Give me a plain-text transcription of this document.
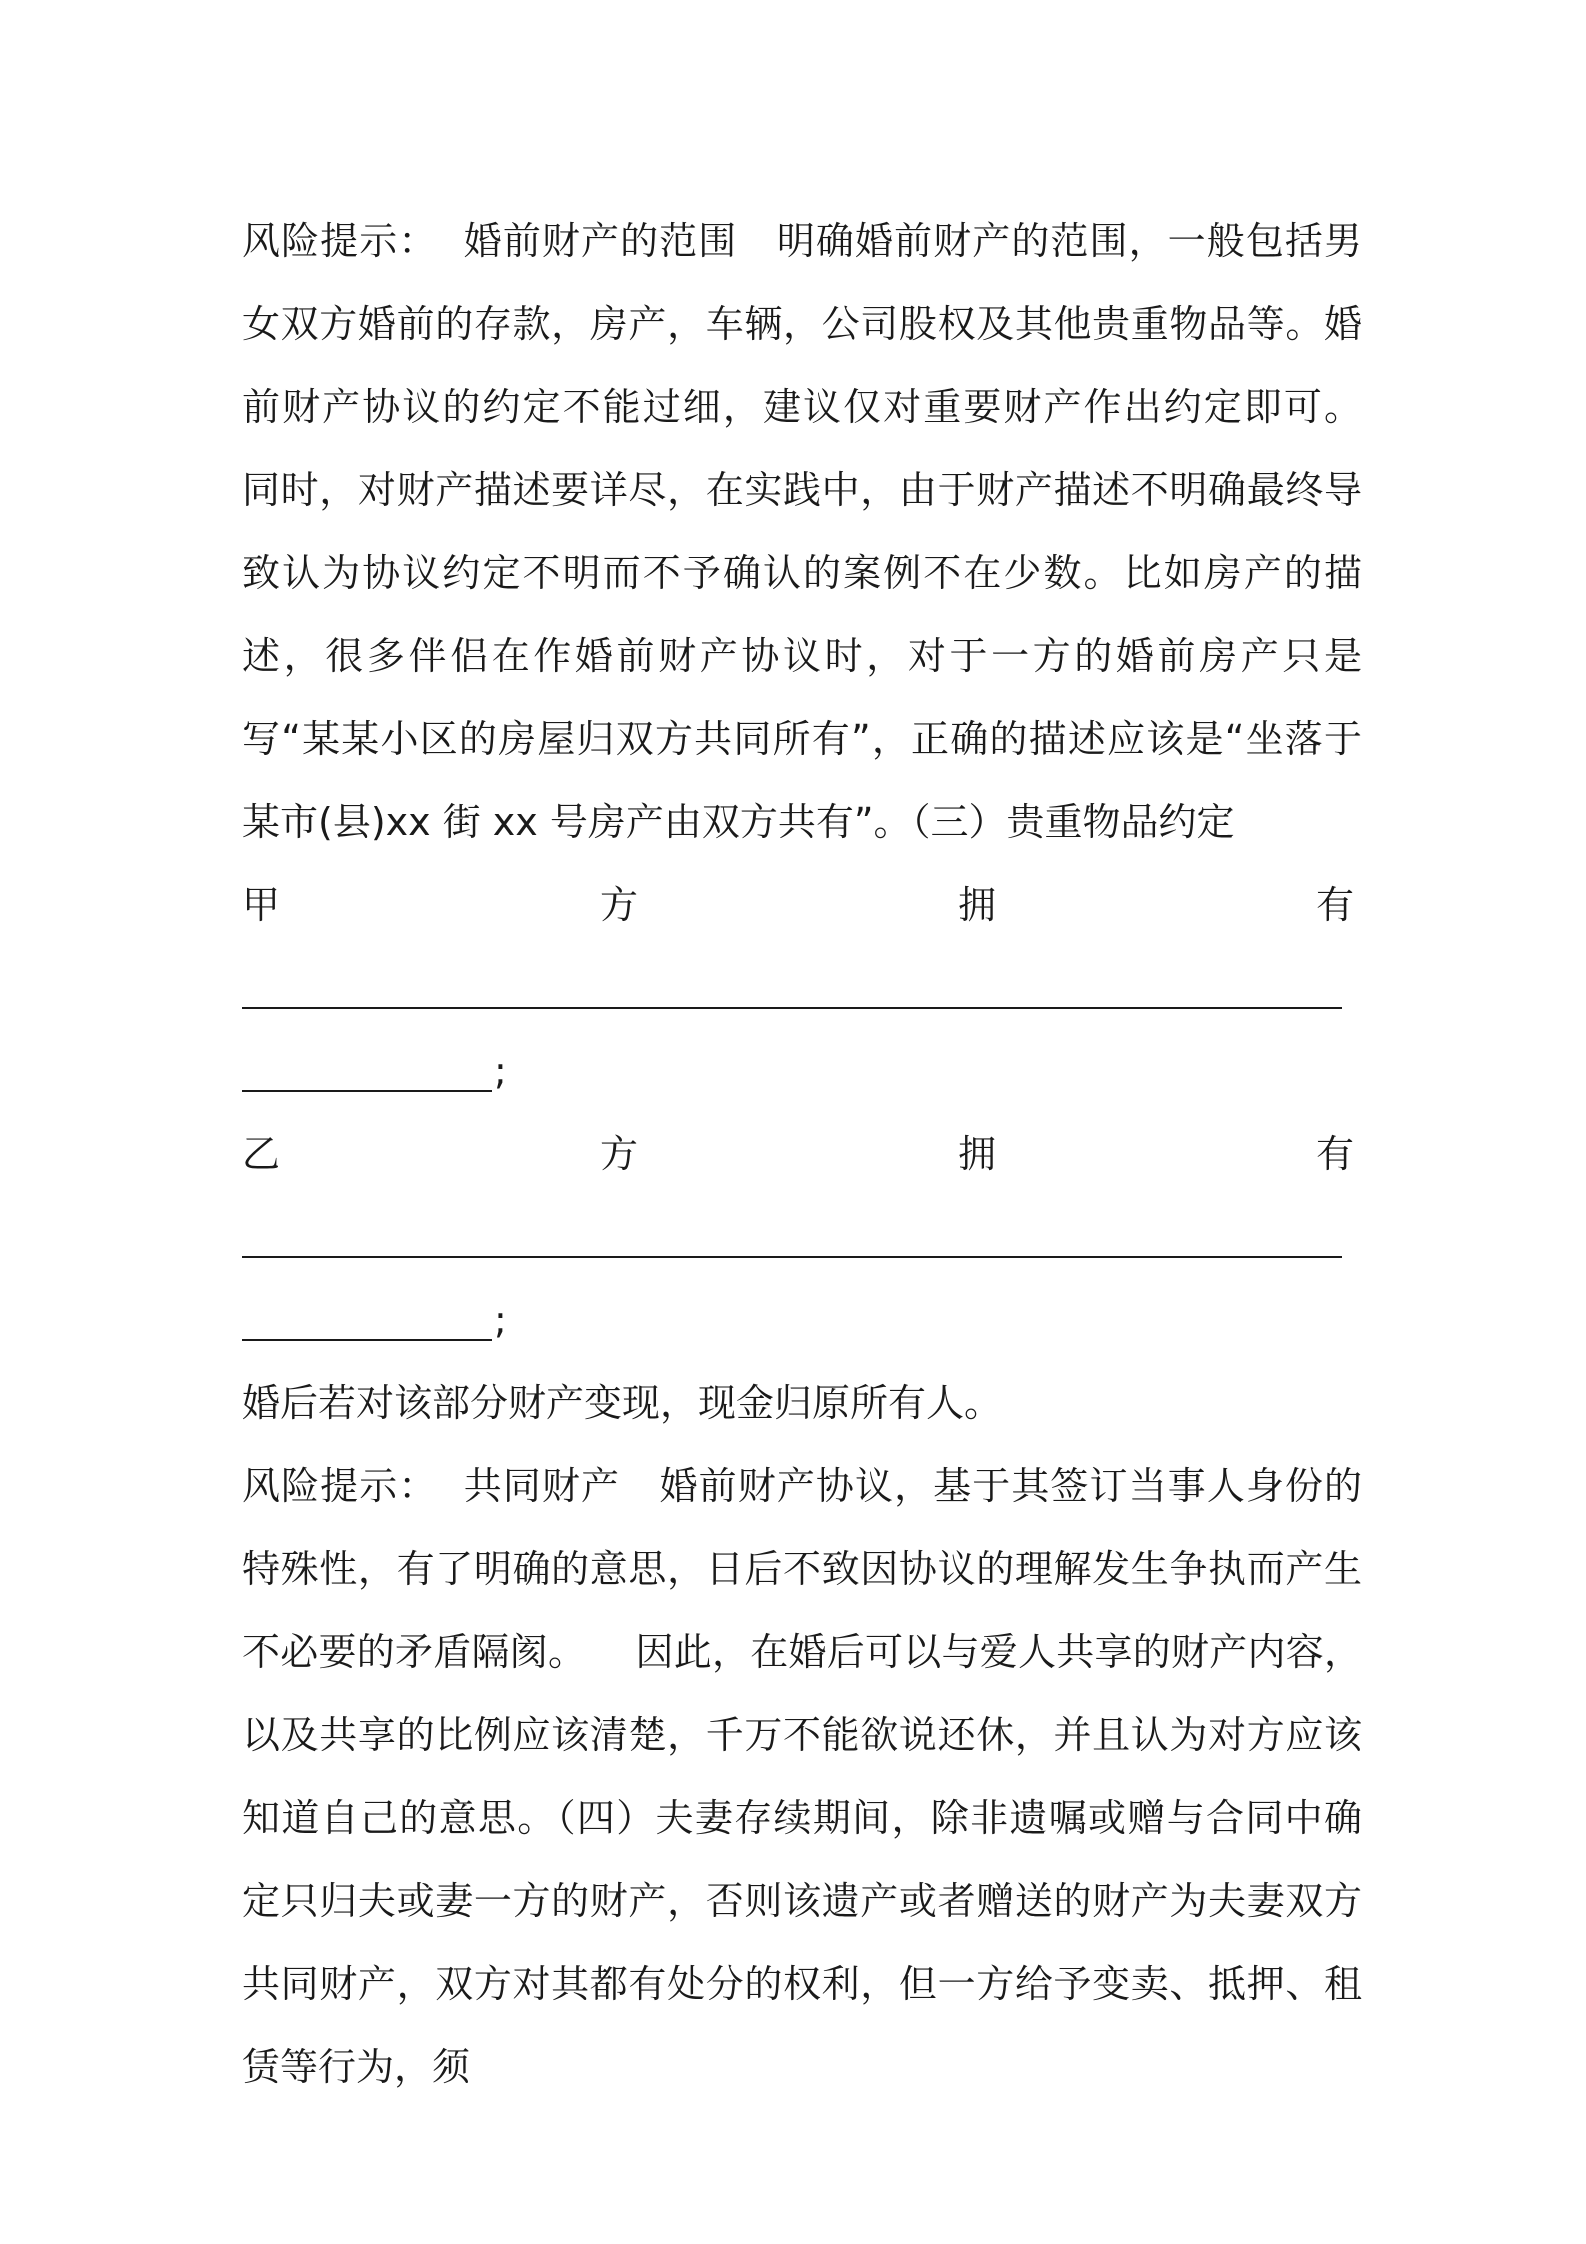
风险提示：  婚前财产的范围   明确婚前财产的范围，一般包括男女双方婚前的存款，房产，车辆，公司股权及其他贵重物品等。婚前财产协议的约定不能过细，建议仅对重要财产作出约定即可。      同时，对财产描述要详尽，在实践中，由于财产描述不明确最终导致认为协议约定不明而不予确认的案例不在少数。比如房产的描述，很多伴侣在作婚前财产协议时，对于一方的婚前房产只是写“某某小区的房屋归双方共同所有”，正确的描述应该是“坐落于某市(县)xx 街 xx 号房产由双方共有”。（三）贵重物品约定

甲	方	拥	有
;
乙	方	拥	有
;

婚后若对该部分财产变现，现金归原所有人。

风险提示：  共同财产   婚前财产协议，基于其签订当事人身份的特殊性，有了明确的意思，日后不致因协议的理解发生争执而产生不必要的矛盾隔阂。    因此，在婚后可以与爱人共享的财产内容，以及共享的比例应该清楚，千万不能欲说还休，并且认为对方应该知道自己的意思。（四）夫妻存续期间，除非遗嘱或赠与合同中确定只归夫或妻一方的财产，否则该遗产或者赠送的财产为夫妻双方共同财产，双方对其都有处分的权利，但一方给予变卖、抵押、租赁等行为，须
